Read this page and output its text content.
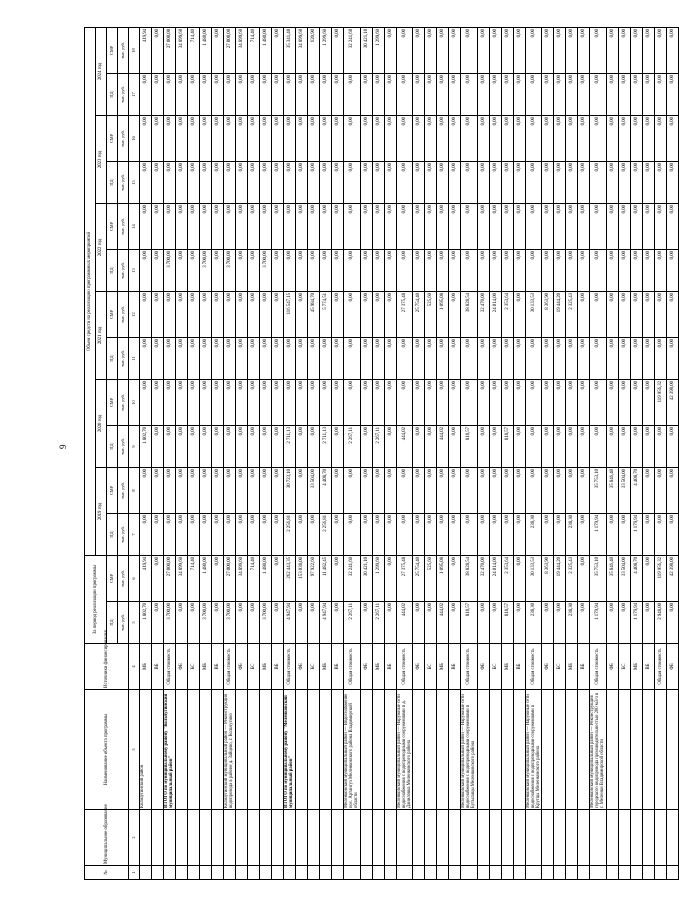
9
№	Муниципальное образование	Наименование объекта программы	Источники финансирования	За период реализации программы		Объем средств на реализацию программных мероприятий											
						2019 год		2020 год		2021 год		2022 год		2023 год		2024 год	
				ПД	СМР	ПД	СМР	ПД	СМР	ПД	СМР	ПД	СМР	ПД	СМР	ПД	СМР
				тыс. руб.	тыс. руб.	тыс. руб.	тыс. руб.	тыс. руб.	тыс. руб.	тыс. руб.	тыс. руб.	тыс. руб.	тыс. руб.	тыс. руб.	тыс. руб.	тыс. руб.	тыс. руб.
1	2	3	4	5	6	7	8	9	10	11	12	13	14	15	16	17	18
		Кольчугинский район	МБ	1 802,70	419,94	0,00	0,00	1 802,70	0,00	0,00	0,00	0,00	0,00	0,00	0,00	0,00	419,94
			ВБ	0,00	0,00	0,00	0,00	0,00	0,00	0,00	0,00	0,00	0,00	0,00	0,00	0,00	0,00
		ИТОГО по муниципальному району "Кольчугинский муниципальный район"	Общая стоимость	3 700,00	27 000,00	0,00	0,00	0,00	0,00	0,00	0,00	3 700,00	0,00	0,00	0,00	0,00	27 000,00
			ФБ	0,00	34 899,60	0,00	0,00	0,00	0,00	0,00	0,00	0,00	0,00	0,00	0,00	0,00	34 899,60
			БС	0,00	714,40	0,00	0,00	0,00	0,00	0,00	0,00	0,00	0,00	0,00	0,00	0,00	714,40
			МБ	3 700,00	1 480,00	0,00	0,00	0,00	0,00	0,00	0,00	3 700,00	0,00	0,00	0,00	0,00	1 480,00
			ВБ	0,00	0,00	0,00	0,00	0,00	0,00	0,00	0,00	0,00	0,00	0,00	0,00	0,00	0,00
		Кольчугинский муниципальный район — Реконструкция водопровода в районе д. Зайцево, г. Кольчугино	Общая стоимость	3 700,00	27 000,00	0,00	0,00	0,00	0,00	0,00	0,00	3 700,00	0,00	0,00	0,00	0,00	27 000,00
			ФБ	0,00	34 899,60	0,00	0,00	0,00	0,00	0,00	0,00	0,00	0,00	0,00	0,00	0,00	34 899,60
			БС	0,00	714,40	0,00	0,00	0,00	0,00	0,00	0,00	0,00	0,00	0,00	0,00	0,00	714,40
			МБ	3 700,00	1 480,00	0,00	0,00	0,00	0,00	0,00	0,00	3 700,00	0,00	0,00	0,00	0,00	1 480,00
			ВБ	0,00	0,00	0,00	0,00	0,00	0,00	0,00	0,00	0,00	0,00	0,00	0,00	0,00	0,00
		ИТОГО по муниципальному району "Меленковский муниципальный район"	Общая стоимость	4 947,94	262 443,35	2 256,81	30 723,10	2 711,13	0,00	0,00	116 547,15	0,00	0,00	0,00	0,00	0,00	35 341,40
			ФБ	0,00	153 038,00	0,00	0,00	0,00	0,00	0,00	0,00	0,00	0,00	0,00	0,00	0,00	34 899,60
			БС	0,00	97 922,60	0,00	33 504,00	0,00	0,00	0,00	45 984,70	0,00	0,00	0,00	0,00	0,00	620,90
			МБ	4 947,94	11 482,45	2 256,81	4 408,70	2 711,13	0,00	0,00	5 774,51	0,00	0,00	0,00	0,00	0,00	1 299,60
			ВБ	0,00	0,00	0,00	0,00	0,00	0,00	0,00	0,00	0,00	0,00	0,00	0,00	0,00	0,00
		Меленковский муниципальный район — Водоснабжение пос. Артангуз Меленковского района Владимирской области	Общая стоимость	2 267,11	32 241,60	0,00	0,00	2 267,11	0,00	0,00	0,00	0,00	0,00	0,00	0,00	0,00	32 241,60
			ФБ	0,00	30 421,10	0,00	0,00	0,00	0,00	0,00	0,00	0,00	0,00	0,00	0,00	0,00	30 421,10
			МБ	2 267,11	1 299,60	0,00	0,00	2 267,11	0,00	0,00	0,00	0,00	0,00	0,00	0,00	0,00	1 299,60
			ВБ	0,00	0,00	0,00	0,00	0,00	0,00	0,00	0,00	0,00	0,00	0,00	0,00	0,00	0,00
		Меленковский муниципальный район — Наружные сети водоснабжения с водопроводными сооружениями в д. Даниловка Меленковского района	Общая стоимость	444,02	27 375,48	0,00	0,00	444,02	0,00	0,00	27 375,48	0,00	0,00	0,00	0,00	0,00	0,00
			ФБ	0,00	25 754,40	0,00	0,00	0,00	0,00	0,00	25 754,40	0,00	0,00	0,00	0,00	0,00	0,00
			БС	0,00	525,60	0,00	0,00	0,00	0,00	0,00	525,60	0,00	0,00	0,00	0,00	0,00	0,00
			МБ	444,02	1 095,08	0,00	0,00	444,02	0,00	0,00	1 095,08	0,00	0,00	0,00	0,00	0,00	0,00
			ВБ	0,00	0,00	0,00	0,00	0,00	0,00	0,00	0,00	0,00	0,00	0,00	0,00	0,00	0,00
		Меленковский муниципальный район — Наружные сети водоснабжения с водопроводными сооружениями в Бутылицы Меленковского района	Общая стоимость	818,57	38 828,54	0,00	0,00	818,57	0,00	0,00	38 828,54	0,00	0,00	0,00	0,00	0,00	0,00
			ФБ	0,00	32 470,00	0,00	0,00	0,00	0,00	0,00	32 470,00	0,00	0,00	0,00	0,00	0,00	0,00
			БС	0,00	24 014,00	0,00	0,00	0,00	0,00	0,00	24 014,00	0,00	0,00	0,00	0,00	0,00	0,00
			МБ	818,57	2 353,64	0,00	0,00	818,57	0,00	0,00	2 353,64	0,00	0,00	0,00	0,00	0,00	0,00
			ВБ	0,00	0,00	0,00	0,00	0,00	0,00	0,00	0,00	0,00	0,00	0,00	0,00	0,00	0,00
		Меленковский муниципальный район — Наружные сети водоснабжения с водопроводными сооружениями в Крутцы Меленковского района	Общая стоимость	238,30	30 133,53	238,30	0,00	0,00	0,00	0,00	30 133,53	0,00	0,00	0,00	0,00	0,00	0,00
			ФБ	0,00	8 363,90	0,00	0,00	0,00	0,00	0,00	8 363,90	0,00	0,00	0,00	0,00	0,00	0,00
			БС	0,00	19 444,20	0,00	0,00	0,00	0,00	0,00	19 444,20	0,00	0,00	0,00	0,00	0,00	0,00
			МБ	238,30	2 325,43	238,30	0,00	0,00	0,00	0,00	2 325,43	0,00	0,00	0,00	0,00	0,00	0,00
			ВБ	0,00	0,00	0,00	0,00	0,00	0,00	0,00	0,00	0,00	0,00	0,00	0,00	0,00	0,00
		Меленковский муниципальный район — Реконструкция городского водопровода производительностью 200 м3/ч в г. Меленки Владимирской области	Общая стоимость	1 179,94	35 753,10	1 179,94	35 753,10	0,00	0,00	0,00	0,00	0,00	0,00	0,00	0,00	0,00	0,00
			ФБ	0,00	35 846,40	0,00	35 846,40	0,00	0,00	0,00	0,00	0,00	0,00	0,00	0,00	0,00	0,00
			БС	0,00	33 504,00	0,00	33 504,00	0,00	0,00	0,00	0,00	0,00	0,00	0,00	0,00	0,00	0,00
			МБ	1 179,94	4 408,70	1 179,94	4 408,70	0,00	0,00	0,00	0,00	0,00	0,00	0,00	0,00	0,00	0,00
			ВБ	0,00	0,00	0,00	0,00	0,00	0,00	0,00	0,00	0,00	0,00	0,00	0,00	0,00	0,00
			Общая стоимость	2 948,00	119 956,32	0,00	0,00	0,00	119 956,32	0,00	0,00	0,00	0,00	0,00	0,00	0,00	0,00
			ФБ	0,00	42 398,00	0,00	0,00	0,00	42 398,00	0,00	0,00	0,00	0,00	0,00	0,00	0,00	0,00
